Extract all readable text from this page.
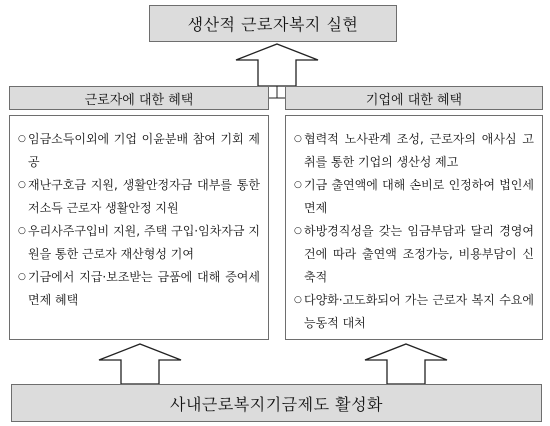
생산적 근로자복지 실현
근로자에 대한 혜택	기업에 대한 혜택
○ 임금소득이외에 기업 이윤분배 참여 기회 제공
○ 재난구호금 지원, 생활안정자금 대부를 통한 저소득 근로자 생활안정 지원
○ 우리사주구입비 지원, 주택 구입·임차자금 지원을 통한 근로자 재산형성 기여
○ 기금에서 지급·보조받는 금품에 대해 증여세 면제 혜택
○ 협력적 노사관계 조성, 근로자의 애사심 고취를 통한 기업의 생산성 제고
○ 기금 출연액에 대해 손비로 인정하여 법인세 면제
○ 하방경직성을 갖는 임금부담과 달리 경영여건에 따라 출연액 조정가능, 비용부담이 신축적
○ 다양화·고도화되어 가는 근로자 복지 수요에 능동적 대처
사내근로복지기금제도 활성화
